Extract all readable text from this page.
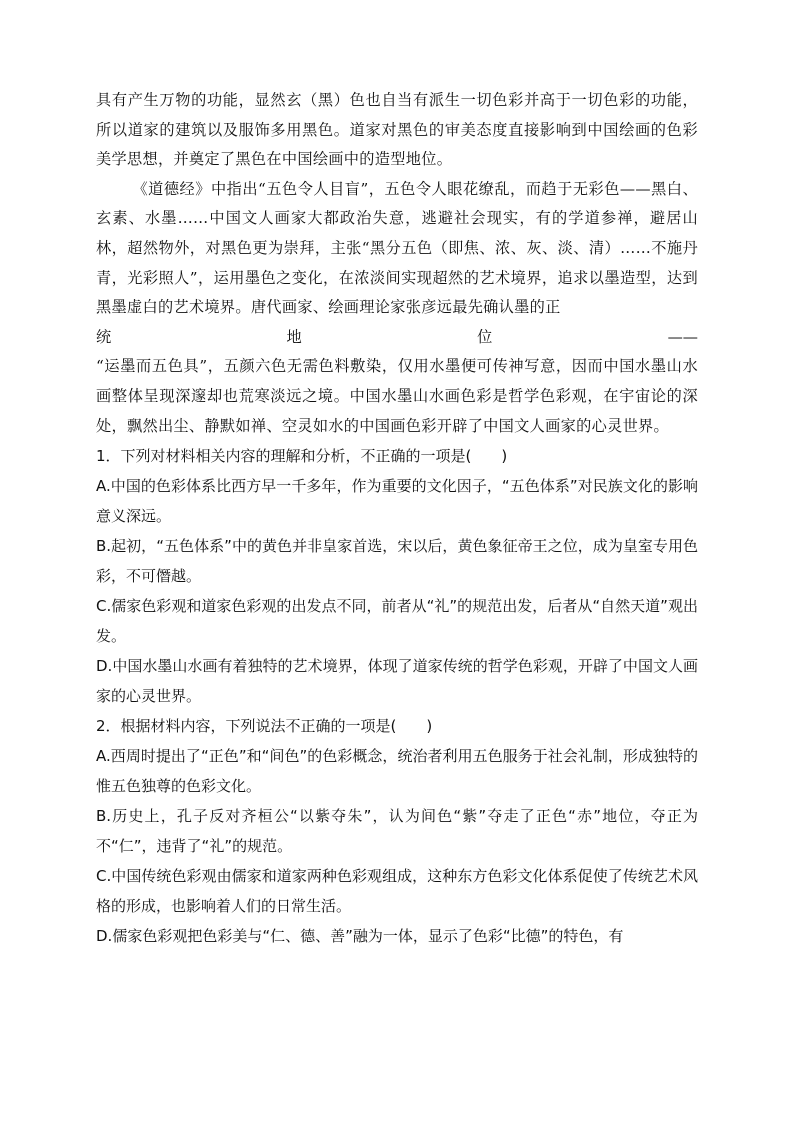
具有产生万物的功能，显然玄（黑）色也自当有派生一切色彩并高于一切色彩的功能，所以道家的建筑以及服饰多用黑色。道家对黑色的审美态度直接影响到中国绘画的色彩美学思想，并奠定了黑色在中国绘画中的造型地位。

《道德经》中指出“五色令人目盲”，五色令人眼花缭乱，而趋于无彩色——黑白、玄素、水墨……中国文人画家大都政治失意，逃避社会现实，有的学道参禅，避居山林，超然物外，对黑色更为崇拜，主张“黑分五色（即焦、浓、灰、淡、清）……不施丹青，光彩照人”，运用墨色之变化，在浓淡间实现超然的艺术境界，追求以墨造型，达到黑墨虚白的艺术境界。唐代画家、绘画理论家张彦远最先确认墨的正

统	地	位	——

“运墨而五色具”，五颜六色无需色料敷染，仅用水墨便可传神写意，因而中国水墨山水画整体呈现深邃却也荒寒淡远之境。中国水墨山水画色彩是哲学色彩观，在宇宙论的深处，飘然出尘、静默如禅、空灵如水的中国画色彩开辟了中国文人画家的心灵世界。

1．下列对材料相关内容的理解和分析，不正确的一项是(　　)

A.中国的色彩体系比西方早一千多年，作为重要的文化因子，“五色体系”对民族文化的影响意义深远。

B.起初，“五色体系”中的黄色并非皇家首选，宋以后，黄色象征帝王之位，成为皇室专用色彩，不可僭越。

C.儒家色彩观和道家色彩观的出发点不同，前者从“礼”的规范出发，后者从“自然天道”观出发。

D.中国水墨山水画有着独特的艺术境界，体现了道家传统的哲学色彩观，开辟了中国文人画家的心灵世界。

2．根据材料内容，下列说法不正确的一项是(　　)

A.西周时提出了“正色”和“间色”的色彩概念，统治者利用五色服务于社会礼制，形成独特的惟五色独尊的色彩文化。

B.历史上，孔子反对齐桓公“以紫夺朱”，认为间色“紫”夺走了正色“赤”地位，夺正为不“仁”，违背了“礼”的规范。

C.中国传统色彩观由儒家和道家两种色彩观组成，这种东方色彩文化体系促使了传统艺术风格的形成，也影响着人们的日常生活。

D.儒家色彩观把色彩美与“仁、德、善”融为一体，显示了色彩“比德”的特色，有
